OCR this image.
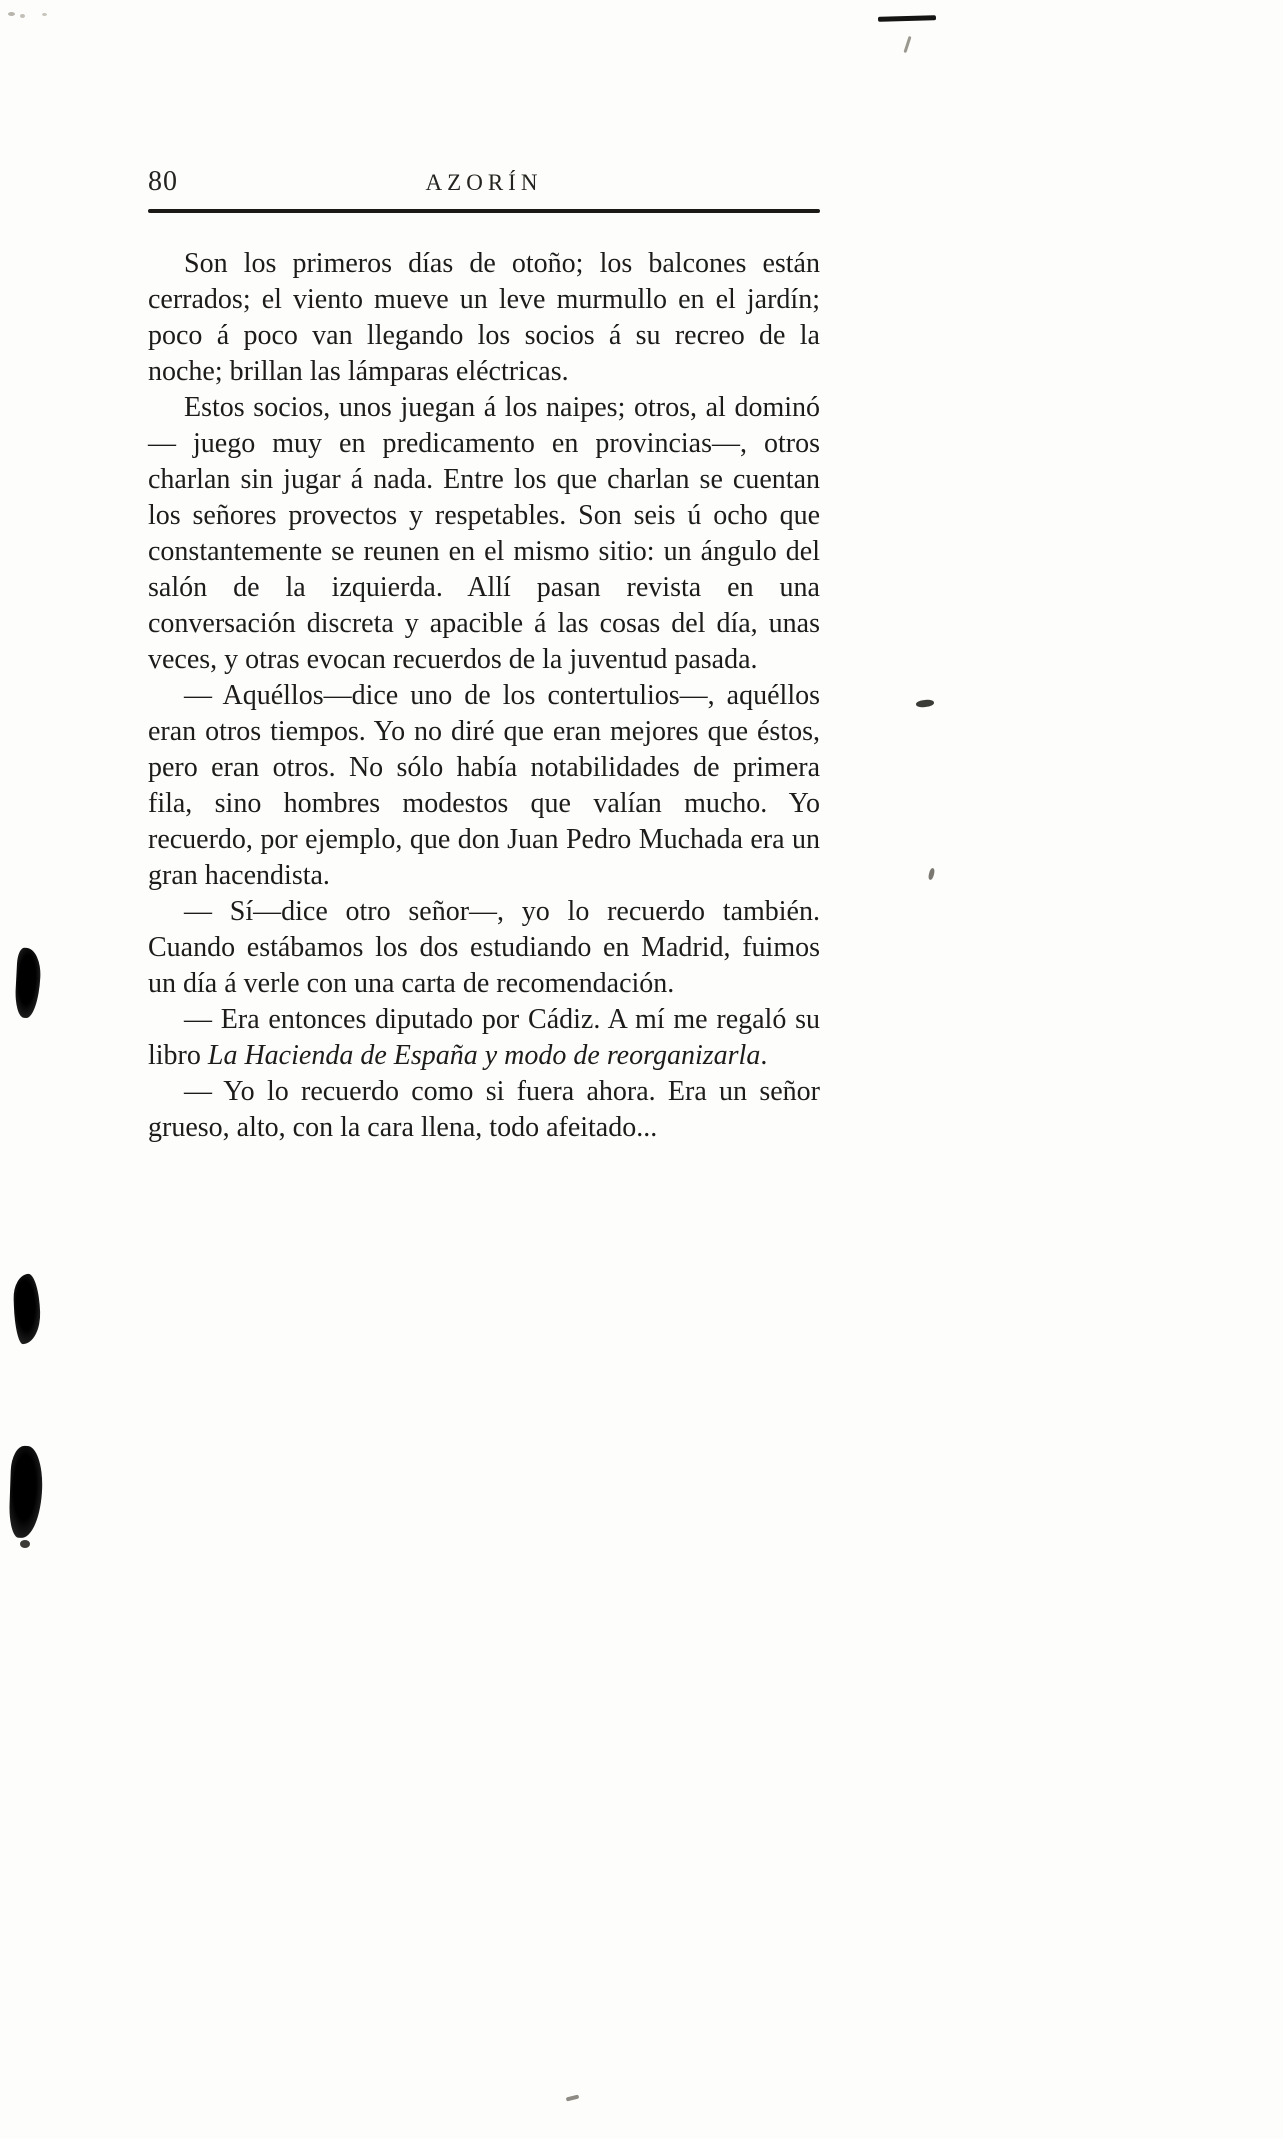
80	AZORÍN

Son los primeros días de otoño; los balcones están cerrados; el viento mueve un leve murmullo en el jardín; poco á poco van llegando los socios á su recreo de la noche; brillan las lámparas eléctricas.

Estos socios, unos juegan á los naipes; otros, al dominó — juego muy en predicamento en provincias—, otros charlan sin jugar á nada. Entre los que charlan se cuentan los señores provectos y respetables. Son seis ú ocho que constantemente se reunen en el mismo sitio: un ángulo del salón de la izquierda. Allí pasan revista en una conversación discreta y apacible á las cosas del día, unas veces, y otras evocan recuerdos de la juventud pasada.

— Aquéllos—dice uno de los contertulios—, aquéllos eran otros tiempos. Yo no diré que eran mejores que éstos, pero eran otros. No sólo había notabilidades de primera fila, sino hombres modestos que valían mucho. Yo recuerdo, por ejemplo, que don Juan Pedro Muchada era un gran hacendista.

— Sí—dice otro señor—, yo lo recuerdo también. Cuando estábamos los dos estudiando en Madrid, fuimos un día á verle con una carta de recomendación.

— Era entonces diputado por Cádiz. A mí me regaló su libro La Hacienda de España y modo de reorganizarla.

— Yo lo recuerdo como si fuera ahora. Era un señor grueso, alto, con la cara llena, todo afeitado...
